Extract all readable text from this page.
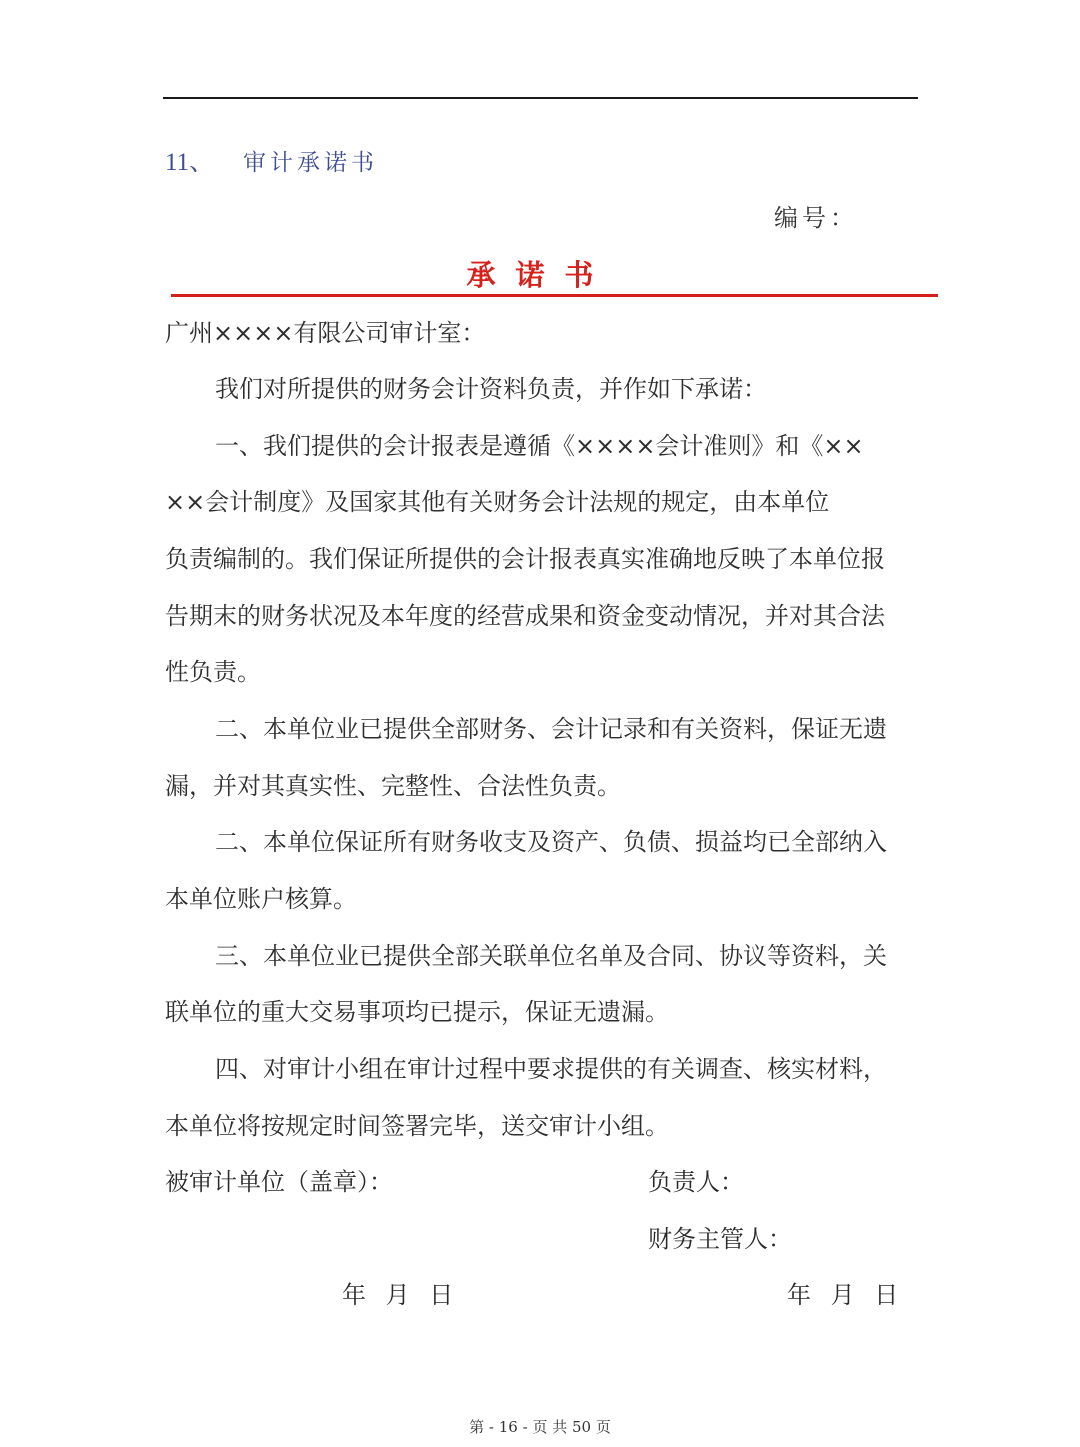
11、 审计承诺书
编号：
承诺书
广州××××有限公司审计室：
我们对所提供的财务会计资料负责，并作如下承诺：
一、我们提供的会计报表是遵循《××××会计准则》和《××
××会计制度》及国家其他有关财务会计法规的规定，由本单位
负责编制的。我们保证所提供的会计报表真实准确地反映了本单位报
告期末的财务状况及本年度的经营成果和资金变动情况，并对其合法
性负责。
二、本单位业已提供全部财务、会计记录和有关资料，保证无遗
漏，并对其真实性、完整性、合法性负责。
二、本单位保证所有财务收支及资产、负债、损益均已全部纳入
本单位账户核算。
三、本单位业已提供全部关联单位名单及合同、协议等资料，关
联单位的重大交易事项均已提示，保证无遗漏。
四、对审计小组在审计过程中要求提供的有关调查、核实材料，
本单位将按规定时间签署完毕，送交审计小组。
被审计单位（盖章）：	负责人：
财务主管人：
年 月 日	年 月 日
第 - 16 - 页 共 50 页
